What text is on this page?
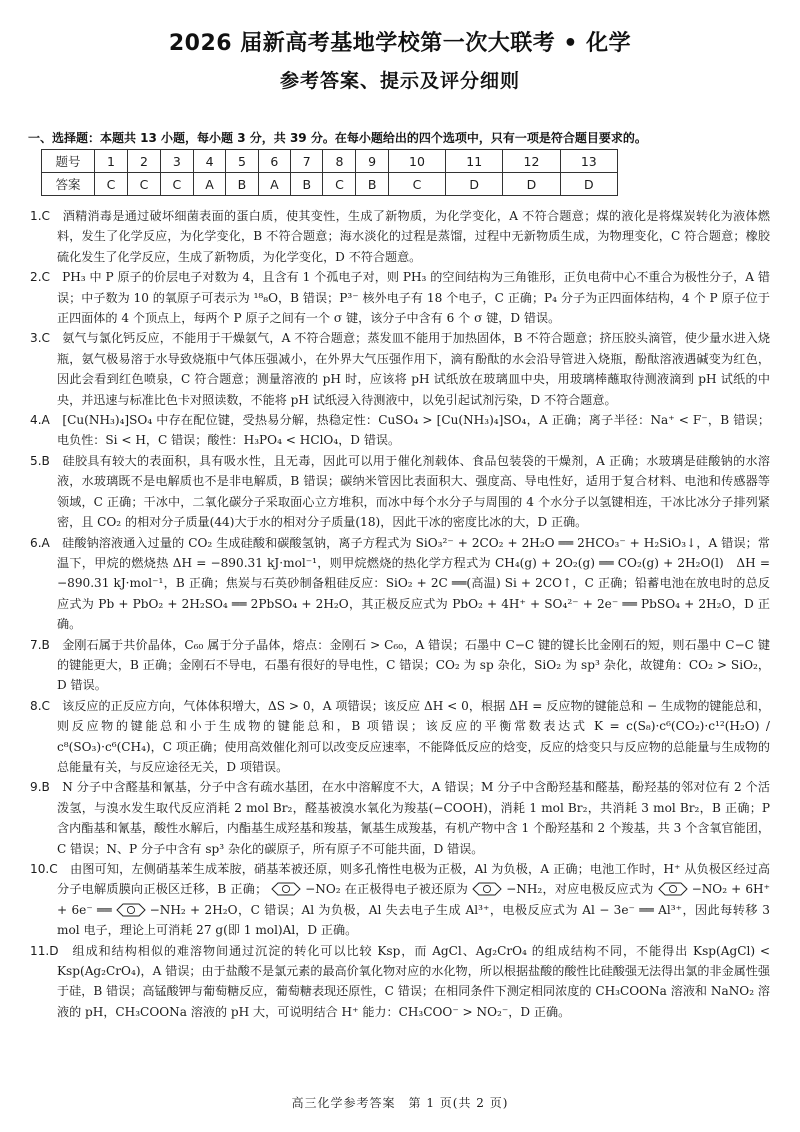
2026 届新高考基地学校第一次大联考 • 化学
参考答案、提示及评分细则
一、选择题：本题共 13 小题，每小题 3 分，共 39 分。在每小题给出的四个选项中，只有一项是符合题目要求的。
题号	1	2	3	4	5	6	7	8	9	10	11	12	13
答案	C	C	C	A	B	A	B	C	B	C	D	D	D

1.C　 酒精消毒是通过破坏细菌表面的蛋白质，使其变性，生成了新物质，为化学变化，A 不符合题意；煤的液化是将煤炭转化为液体燃料，发生了化学反应，为化学变化，B 不符合题意；海水淡化的过程是蒸馏，过程中无新物质生成，为物理变化，C 符合题意；橡胶硫化发生了化学反应，生成了新物质，为化学变化，D 不符合题意。

2.C　 PH₃ 中 P 原子的价层电子对数为 4，且含有 1 个孤电子对，则 PH₃ 的空间结构为三角锥形，正负电荷中心不重合为极性分子，A 错误；中子数为 10 的氧原子可表示为 ¹⁸₈O，B 错误；P³⁻ 核外电子有 18 个电子，C 正确；P₄ 分子为正四面体结构，4 个 P 原子位于正四面体的 4 个顶点上，每两个 P 原子之间有一个 σ 键，该分子中含有 6 个 σ 键，D 错误。

3.C　 氨气与氯化钙反应，不能用于干燥氨气，A 不符合题意；蒸发皿不能用于加热固体，B 不符合题意；挤压胶头滴管，使少量水进入烧瓶，氨气极易溶于水导致烧瓶中气体压强减小，在外界大气压强作用下，滴有酚酞的水会沿导管进入烧瓶，酚酞溶液遇碱变为红色，因此会看到红色喷泉，C 符合题意；测量溶液的 pH 时，应该将 pH 试纸放在玻璃皿中央，用玻璃棒蘸取待测液滴到 pH 试纸的中央，并迅速与标准比色卡对照读数，不能将 pH 试纸浸入待测液中，以免引起试剂污染，D 不符合题意。

4.A　 [Cu(NH₃)₄]SO₄ 中存在配位键，受热易分解，热稳定性：CuSO₄ > [Cu(NH₃)₄]SO₄，A 正确；离子半径：Na⁺ < F⁻，B 错误；电负性：Si < H，C 错误；酸性：H₃PO₄ < HClO₄，D 错误。

5.B　 硅胶具有较大的表面积，具有吸水性，且无毒，因此可以用于催化剂载体、食品包装袋的干燥剂，A 正确；水玻璃是硅酸钠的水溶液，水玻璃既不是电解质也不是非电解质，B 错误；碳纳米管因比表面积大、强度高、导电性好，适用于复合材料、电池和传感器等领域，C 正确；干冰中，二氧化碳分子采取面心立方堆积，而冰中每个水分子与周围的 4 个水分子以氢键相连，干冰比冰分子排列紧密，且 CO₂ 的相对分子质量(44)大于水的相对分子质量(18)，因此干冰的密度比冰的大，D 正确。

6.A　 硅酸钠溶液通入过量的 CO₂ 生成硅酸和碳酸氢钠，离子方程式为 SiO₃²⁻ + 2CO₂ + 2H₂O ══ 2HCO₃⁻ + H₂SiO₃↓，A 错误；常温下，甲烷的燃烧热 ΔH = −890.31 kJ·mol⁻¹，则甲烷燃烧的热化学方程式为 CH₄(g) + 2O₂(g) ══ CO₂(g) + 2H₂O(l)　ΔH = −890.31 kJ·mol⁻¹，B 正确；焦炭与石英砂制备粗硅反应：SiO₂ + 2C ══(高温) Si + 2CO↑，C 正确；铅蓄电池在放电时的总反应式为 Pb + PbO₂ + 2H₂SO₄ ══ 2PbSO₄ + 2H₂O，其正极反应式为 PbO₂ + 4H⁺ + SO₄²⁻ + 2e⁻ ══ PbSO₄ + 2H₂O，D 正确。

7.B　 金刚石属于共价晶体，C₆₀ 属于分子晶体，熔点：金刚石 > C₆₀，A 错误；石墨中 C−C 键的键长比金刚石的短，则石墨中 C−C 键的键能更大，B 正确；金刚石不导电，石墨有很好的导电性，C 错误；CO₂ 为 sp 杂化，SiO₂ 为 sp³ 杂化，故键角：CO₂ > SiO₂，D 错误。

8.C　 该反应的正反应方向，气体体积增大，ΔS > 0，A 项错误；该反应 ΔH < 0，根据 ΔH = 反应物的键能总和 − 生成物的键能总和，则反应物的键能总和小于生成物的键能总和，B 项错误；该反应的平衡常数表达式 K = c(S₈)·c⁶(CO₂)·c¹²(H₂O) / c⁸(SO₃)·c⁶(CH₄)，C 项正确；使用高效催化剂可以改变反应速率，不能降低反应的焓变，反应的焓变只与反应物的总能量与生成物的总能量有关，与反应途径无关，D 项错误。

9.B　 N 分子中含醛基和氰基，分子中含有疏水基团，在水中溶解度不大，A 错误；M 分子中含酚羟基和醛基，酚羟基的邻对位有 2 个活泼氢，与溴水发生取代反应消耗 2 mol Br₂，醛基被溴水氧化为羧基(−COOH)，消耗 1 mol Br₂，共消耗 3 mol Br₂，B 正确；P 含内酯基和氰基，酸性水解后，内酯基生成羟基和羧基，氰基生成羧基，有机产物中含 1 个酚羟基和 2 个羧基，共 3 个含氧官能团，C 错误；N、P 分子中含有 sp³ 杂化的碳原子，所有原子不可能共面，D 错误。

10.C　 由图可知，左侧硝基苯生成苯胺，硝基苯被还原，则多孔惰性电极为正极，Al 为负极，A 正确；电池工作时，H⁺ 从负极区经过高分子电解质膜向正极区迁移，B 正确；	−NO₂ 在正极得电子被还原为	−NH₂，对应电极反应式为	−NO₂ + 6H⁺ + 6e⁻ ══	−NH₂ + 2H₂O，C 错误；Al 为负极，Al 失去电子生成 Al³⁺，电极反应式为 Al − 3e⁻ ══ Al³⁺，因此每转移 3 mol 电子，理论上可消耗 27 g(即 1 mol)Al，D 正确。

11.D　 组成和结构相似的难溶物间通过沉淀的转化可以比较 Ksp，而 AgCl、Ag₂CrO₄ 的组成结构不同，不能得出 Ksp(AgCl) < Ksp(Ag₂CrO₄)，A 错误；由于盐酸不是氯元素的最高价氧化物对应的水化物，所以根据盐酸的酸性比硅酸强无法得出氯的非金属性强于硅，B 错误；高锰酸钾与葡萄糖反应，葡萄糖表现还原性，C 错误；在相同条件下测定相同浓度的 CH₃COONa 溶液和 NaNO₂ 溶液的 pH，CH₃COONa 溶液的 pH 大，可说明结合 H⁺ 能力：CH₃COO⁻ > NO₂⁻，D 正确。

高三化学参考答案　第 1 页(共 2 页)
